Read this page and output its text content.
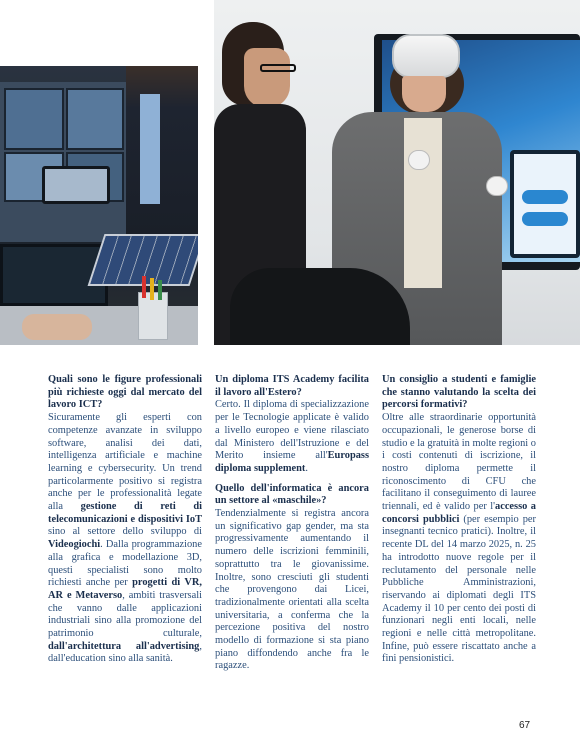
Quali sono le figure professionali più richieste oggi dal mercato del lavoro ICT?
Sicuramente gli esperti con competenze avanzate in sviluppo software, analisi dei dati, intelligenza artificiale e machine learning e cybersecurity. Un trend particolarmente positivo si registra anche per le professionalità legate alla gestione di reti di telecomunicazioni e dispositivi IoT sino al settore dello sviluppo di Videogiochi. Dalla programmazione alla grafica e modellazione 3D, questi specialisti sono molto richiesti anche per progetti di VR, AR e Metaverso, ambiti trasversali che vanno dalle applicazioni industriali sino alla promozione del patrimonio culturale, dall'architettura all'advertising, dall'education sino alla sanità.
Un diploma ITS Academy facilita il lavoro all'Estero?
Certo. Il diploma di specializzazione per le Tecnologie applicate è valido a livello europeo e viene rilasciato dal Ministero dell'Istruzione e del Merito insieme all'Europass diploma supplement.
Quello dell'informatica è ancora un settore al «maschile»?
Tendenzialmente si registra ancora un significativo gap gender, ma sta progressivamente aumentando il numero delle iscrizioni femminili, soprattutto tra le giovanissime. Inoltre, sono cresciuti gli studenti che provengono dai Licei, tradizionalmente orientati alla scelta universitaria, a conferma che la percezione positiva del nostro modello di formazione si sta piano piano diffondendo anche fra le ragazze.
Un consiglio a studenti e famiglie che stanno valutando la scelta dei percorsi formativi?
Oltre alle straordinarie opportunità occupazionali, le generose borse di studio e la gratuità in molte regioni o i costi contenuti di iscrizione, il nostro diploma permette il riconoscimento di CFU che facilitano il conseguimento di lauree triennali, ed è valido per l'accesso a concorsi pubblici (per esempio per insegnanti tecnico pratici). Inoltre, il recente DL del 14 marzo 2025, n. 25 ha introdotto nuove regole per il reclutamento del personale nelle Pubbliche Amministrazioni, riservando ai diplomati degli ITS Academy il 10 per cento dei posti di funzionari negli enti locali, nelle regioni e nelle città metropolitane. Infine, può essere riscattato anche a fini pensionistici.
67
